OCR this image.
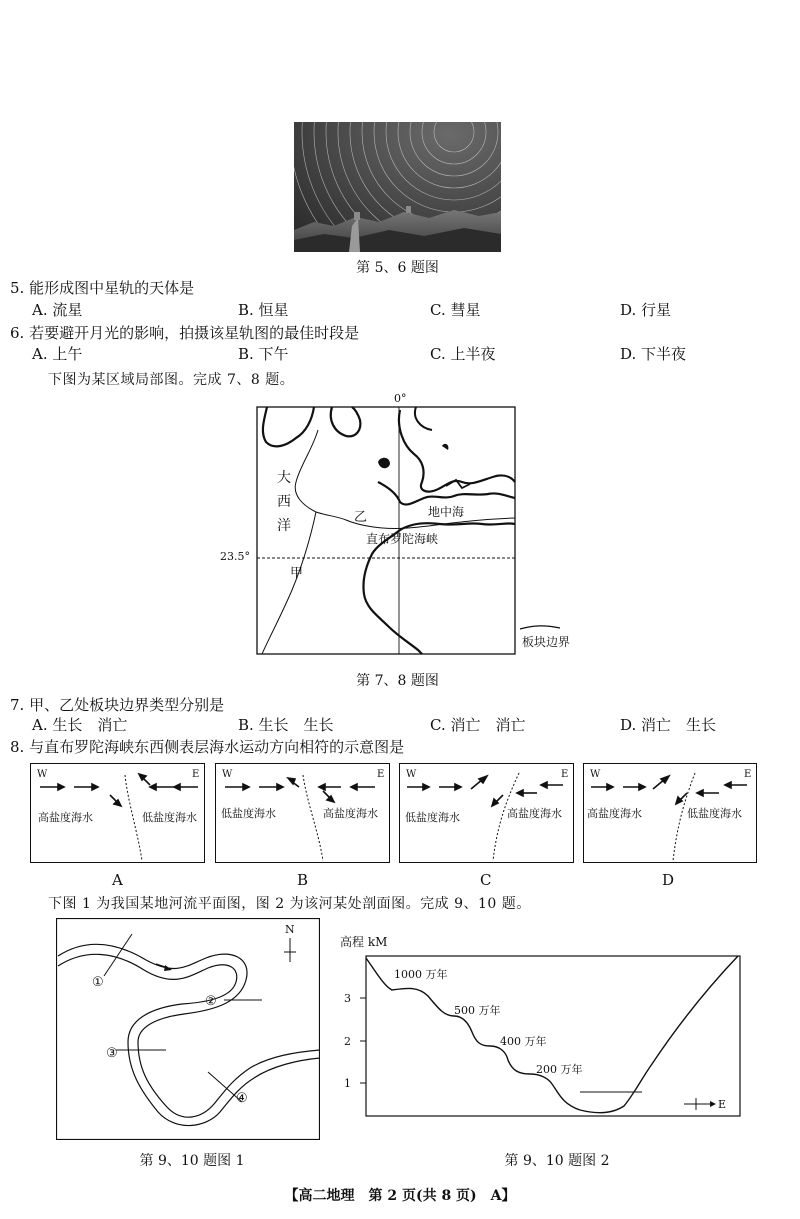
第 5、6 题图
5. 能形成图中星轨的天体是
A. 流星	B. 恒星	C. 彗星	D. 行星
6. 若要避开月光的影响，拍摄该星轨图的最佳时段是
A. 上午	B. 下午	C. 上半夜	D. 下半夜
下图为某区域局部图。完成 7、8 题。
0°
23.5°
大
西
洋
甲
乙	地中海
直布罗陀海峡
板块边界
第 7、8 题图
7. 甲、乙处板块边界类型分别是
A. 生长　消亡	B. 生长　生长	C. 消亡　消亡	D. 消亡　生长
8. 与直布罗陀海峡东西侧表层海水运动方向相符的示意图是
W	E
高盐度海水	低盐度海水
A
W	E
低盐度海水	高盐度海水
B
W	E
低盐度海水	高盐度海水
C
W	E
高盐度海水	低盐度海水
D
下图 1 为我国某地河流平面图，图 2 为该河某处剖面图。完成 9、10 题。
N
①
②
③
④
第 9、10 题图 1
高程 kM
3
2
1
1000 万年
500 万年
400 万年
200 万年
E
第 9、10 题图 2
【高二地理　第 2 页(共 8 页)　A】
